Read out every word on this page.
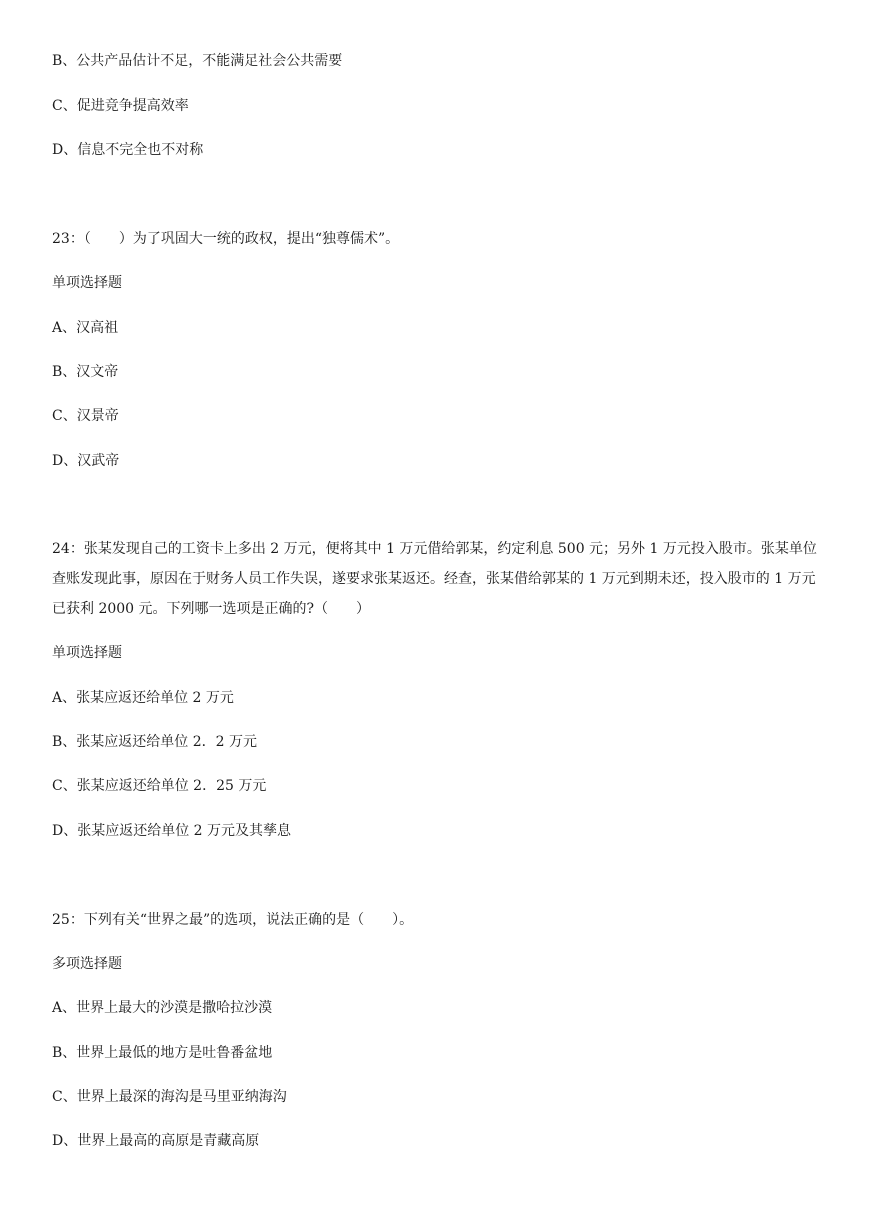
B、公共产品估计不足，不能满足社会公共需要
C、促进竞争提高效率
D、信息不完全也不对称
23：（　　）为了巩固大一统的政权，提出“独尊儒术”。
单项选择题
A、汉高祖
B、汉文帝
C、汉景帝
D、汉武帝
24：张某发现自己的工资卡上多出 2 万元，便将其中 1 万元借给郭某，约定利息 500 元；另外 1 万元投入股市。张某单位查账发现此事，原因在于财务人员工作失误，遂要求张某返还。经查，张某借给郭某的 1 万元到期未还，投入股市的 1 万元已获利 2000 元。下列哪一选项是正确的?（　　）
单项选择题
A、张某应返还给单位 2 万元
B、张某应返还给单位 2．2 万元
C、张某应返还给单位 2．25 万元
D、张某应返还给单位 2 万元及其孳息
25：下列有关“世界之最”的选项，说法正确的是（　　）。
多项选择题
A、世界上最大的沙漠是撒哈拉沙漠
B、世界上最低的地方是吐鲁番盆地
C、世界上最深的海沟是马里亚纳海沟
D、世界上最高的高原是青藏高原
